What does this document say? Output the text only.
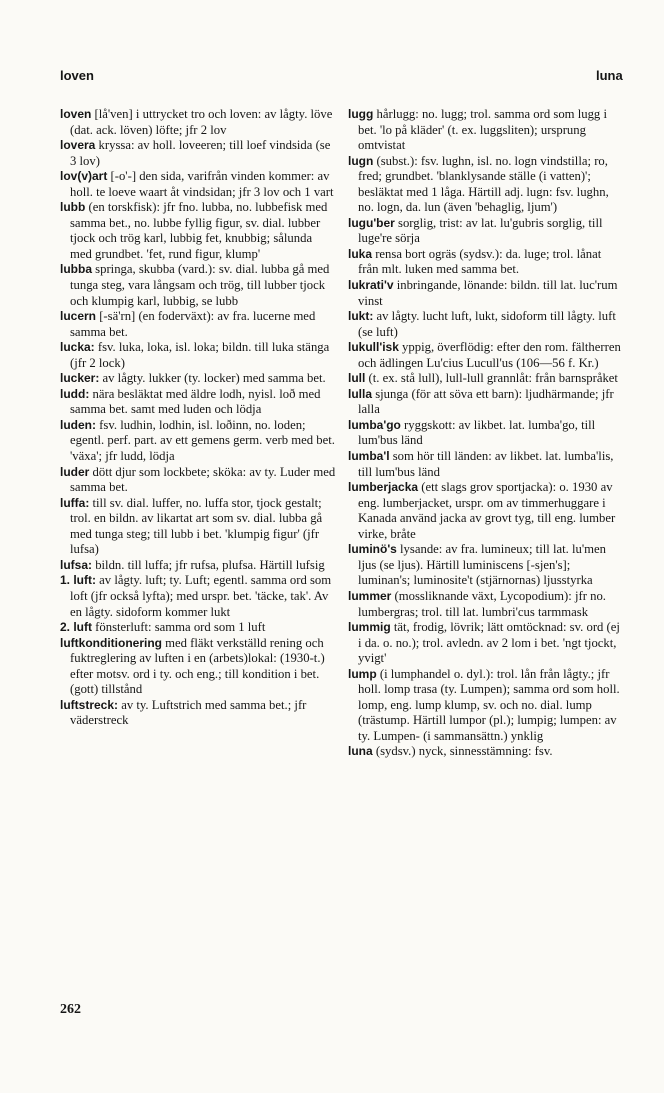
loven	luna

loven [lå'ven] i uttrycket tro och loven: av lågty. löve (dat. ack. löven) löfte; jfr 2 lov

lovera kryssa: av holl. loveeren; till loef vindsida (se 3 lov)

lov(v)art [-o'-] den sida, varifrån vinden kommer: av holl. te loeve waart åt vindsidan; jfr 3 lov och 1 vart

lubb (en torskfisk): jfr fno. lubba, no. lubbefisk med samma bet., no. lubbe fyllig figur, sv. dial. lubber tjock och trög karl, lubbig fet, knubbig; sålunda med grundbet. 'fet, rund figur, klump'

lubba springa, skubba (vard.): sv. dial. lubba gå med tunga steg, vara långsam och trög, till lubber tjock och klumpig karl, lubbig, se lubb

lucern [-sä'rn] (en foderväxt): av fra. lucerne med samma bet.

lucka: fsv. luka, loka, isl. loka; bildn. till luka stänga (jfr 2 lock)

lucker: av lågty. lukker (ty. locker) med samma bet.

ludd: nära besläktat med äldre lodh, nyisl. loð med samma bet. samt med luden och lödja

luden: fsv. ludhin, lodhin, isl. loðinn, no. loden; egentl. perf. part. av ett gemens germ. verb med bet. 'växa'; jfr ludd, lödja

luder dött djur som lockbete; sköka: av ty. Luder med samma bet.

luffa: till sv. dial. luffer, no. luffa stor, tjock gestalt; trol. en bildn. av likartat art som sv. dial. lubba gå med tunga steg; till lubb i bet. 'klumpig figur' (jfr lufsa)

lufsa: bildn. till luffa; jfr rufsa, plufsa. Härtill lufsig

1. luft: av lågty. luft; ty. Luft; egentl. samma ord som loft (jfr också lyfta); med urspr. bet. 'täcke, tak'. Av en lågty. sidoform kommer lukt

2. luft fönsterluft: samma ord som 1 luft

luftkonditionering med fläkt verkställd rening och fuktreglering av luften i en (arbets)lokal: (1930-t.) efter motsv. ord i ty. och eng.; till kondition i bet. (gott) tillstånd

luftstreck: av ty. Luftstrich med samma bet.; jfr väderstreck

lugg hårlugg: no. lugg; trol. samma ord som lugg i bet. 'lo på kläder' (t. ex. luggsliten); ursprung omtvistat

lugn (subst.): fsv. lughn, isl. no. logn vindstilla; ro, fred; grundbet. 'blanklysande ställe (i vatten)'; besläktat med 1 låga. Härtill adj. lugn: fsv. lughn, no. logn, da. lun (även 'behaglig, ljum')

lugu'ber sorglig, trist: av lat. lu'gubris sorglig, till luge're sörja

luka rensa bort ogräs (sydsv.): da. luge; trol. lånat från mlt. luken med samma bet.

lukrati'v inbringande, lönande: bildn. till lat. luc'rum vinst

lukt: av lågty. lucht luft, lukt, sidoform till lågty. luft (se luft)

lukull'isk yppig, överflödig: efter den rom. fältherren och ädlingen Lu'cius Lucull'us (106—56 f. Kr.)

lull (t. ex. stå lull), lull-lull grannlåt: från barnspråket

lulla sjunga (för att söva ett barn): ljudhärmande; jfr lalla

lumba'go ryggskott: av likbet. lat. lumba'go, till lum'bus länd

lumba'l som hör till länden: av likbet. lat. lumba'lis, till lum'bus länd

lumberjacka (ett slags grov sportjacka): o. 1930 av eng. lumberjacket, urspr. om av timmerhuggare i Kanada använd jacka av grovt tyg, till eng. lumber virke, bråte

luminö's lysande: av fra. lumineux; till lat. lu'men ljus (se ljus). Härtill luminiscens [-sjen's]; luminan's; luminosite't (stjärnornas) ljusstyrka

lummer (mossliknande växt, Lycopodium): jfr no. lumbergras; trol. till lat. lumbri'cus tarmmask

lummig tät, frodig, lövrik; lätt omtöcknad: sv. ord (ej i da. o. no.); trol. avledn. av 2 lom i bet. 'ngt tjockt, yvigt'

lump (i lumphandel o. dyl.): trol. lån från lågty.; jfr holl. lomp trasa (ty. Lumpen); samma ord som holl. lomp, eng. lump klump, sv. och no. dial. lump (trästump. Härtill lumpor (pl.); lumpig; lumpen: av ty. Lumpen- (i sammansättn.) ynklig

luna (sydsv.) nyck, sinnesstämning: fsv.

262
